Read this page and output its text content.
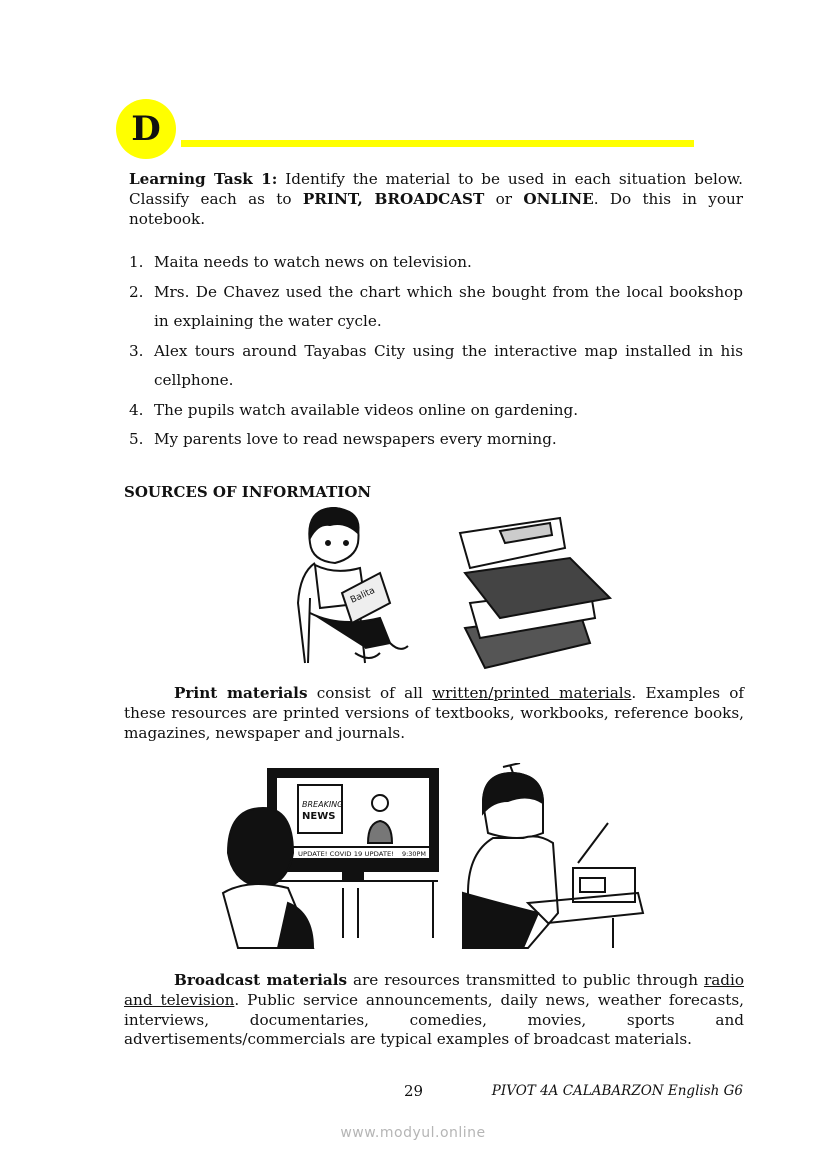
D
Learning Task 1: Identify the material to be used in each situation below. Classify each as to PRINT, BROADCAST or ONLINE. Do this in your notebook.
1. Maita needs to watch news on television.
2. Mrs. De Chavez used the chart which she bought from the local bookshop in explaining the water cycle.
3. Alex tours around Tayabas City using the interactive map installed in his cellphone.
4. The pupils watch available videos online on gardening.
5. My parents love to read newspapers every morning.
SOURCES OF INFORMATION
Balita
Print materials consist of all written/printed materials. Examples of these resources are printed versions of textbooks, workbooks, reference books, magazines, newspaper and journals.
BREAKING
NEWS
UPDATE! COVID 19 UPDATE! 9:30PM
Broadcast materials are resources transmitted to public through radio and television. Public service announcements, daily news, weather forecasts, interviews, documentaries, comedies, movies, sports and advertisements/commercials are typical examples of broadcast materials.
29	PIVOT 4A CALABARZON English G6
www.modyul.online
